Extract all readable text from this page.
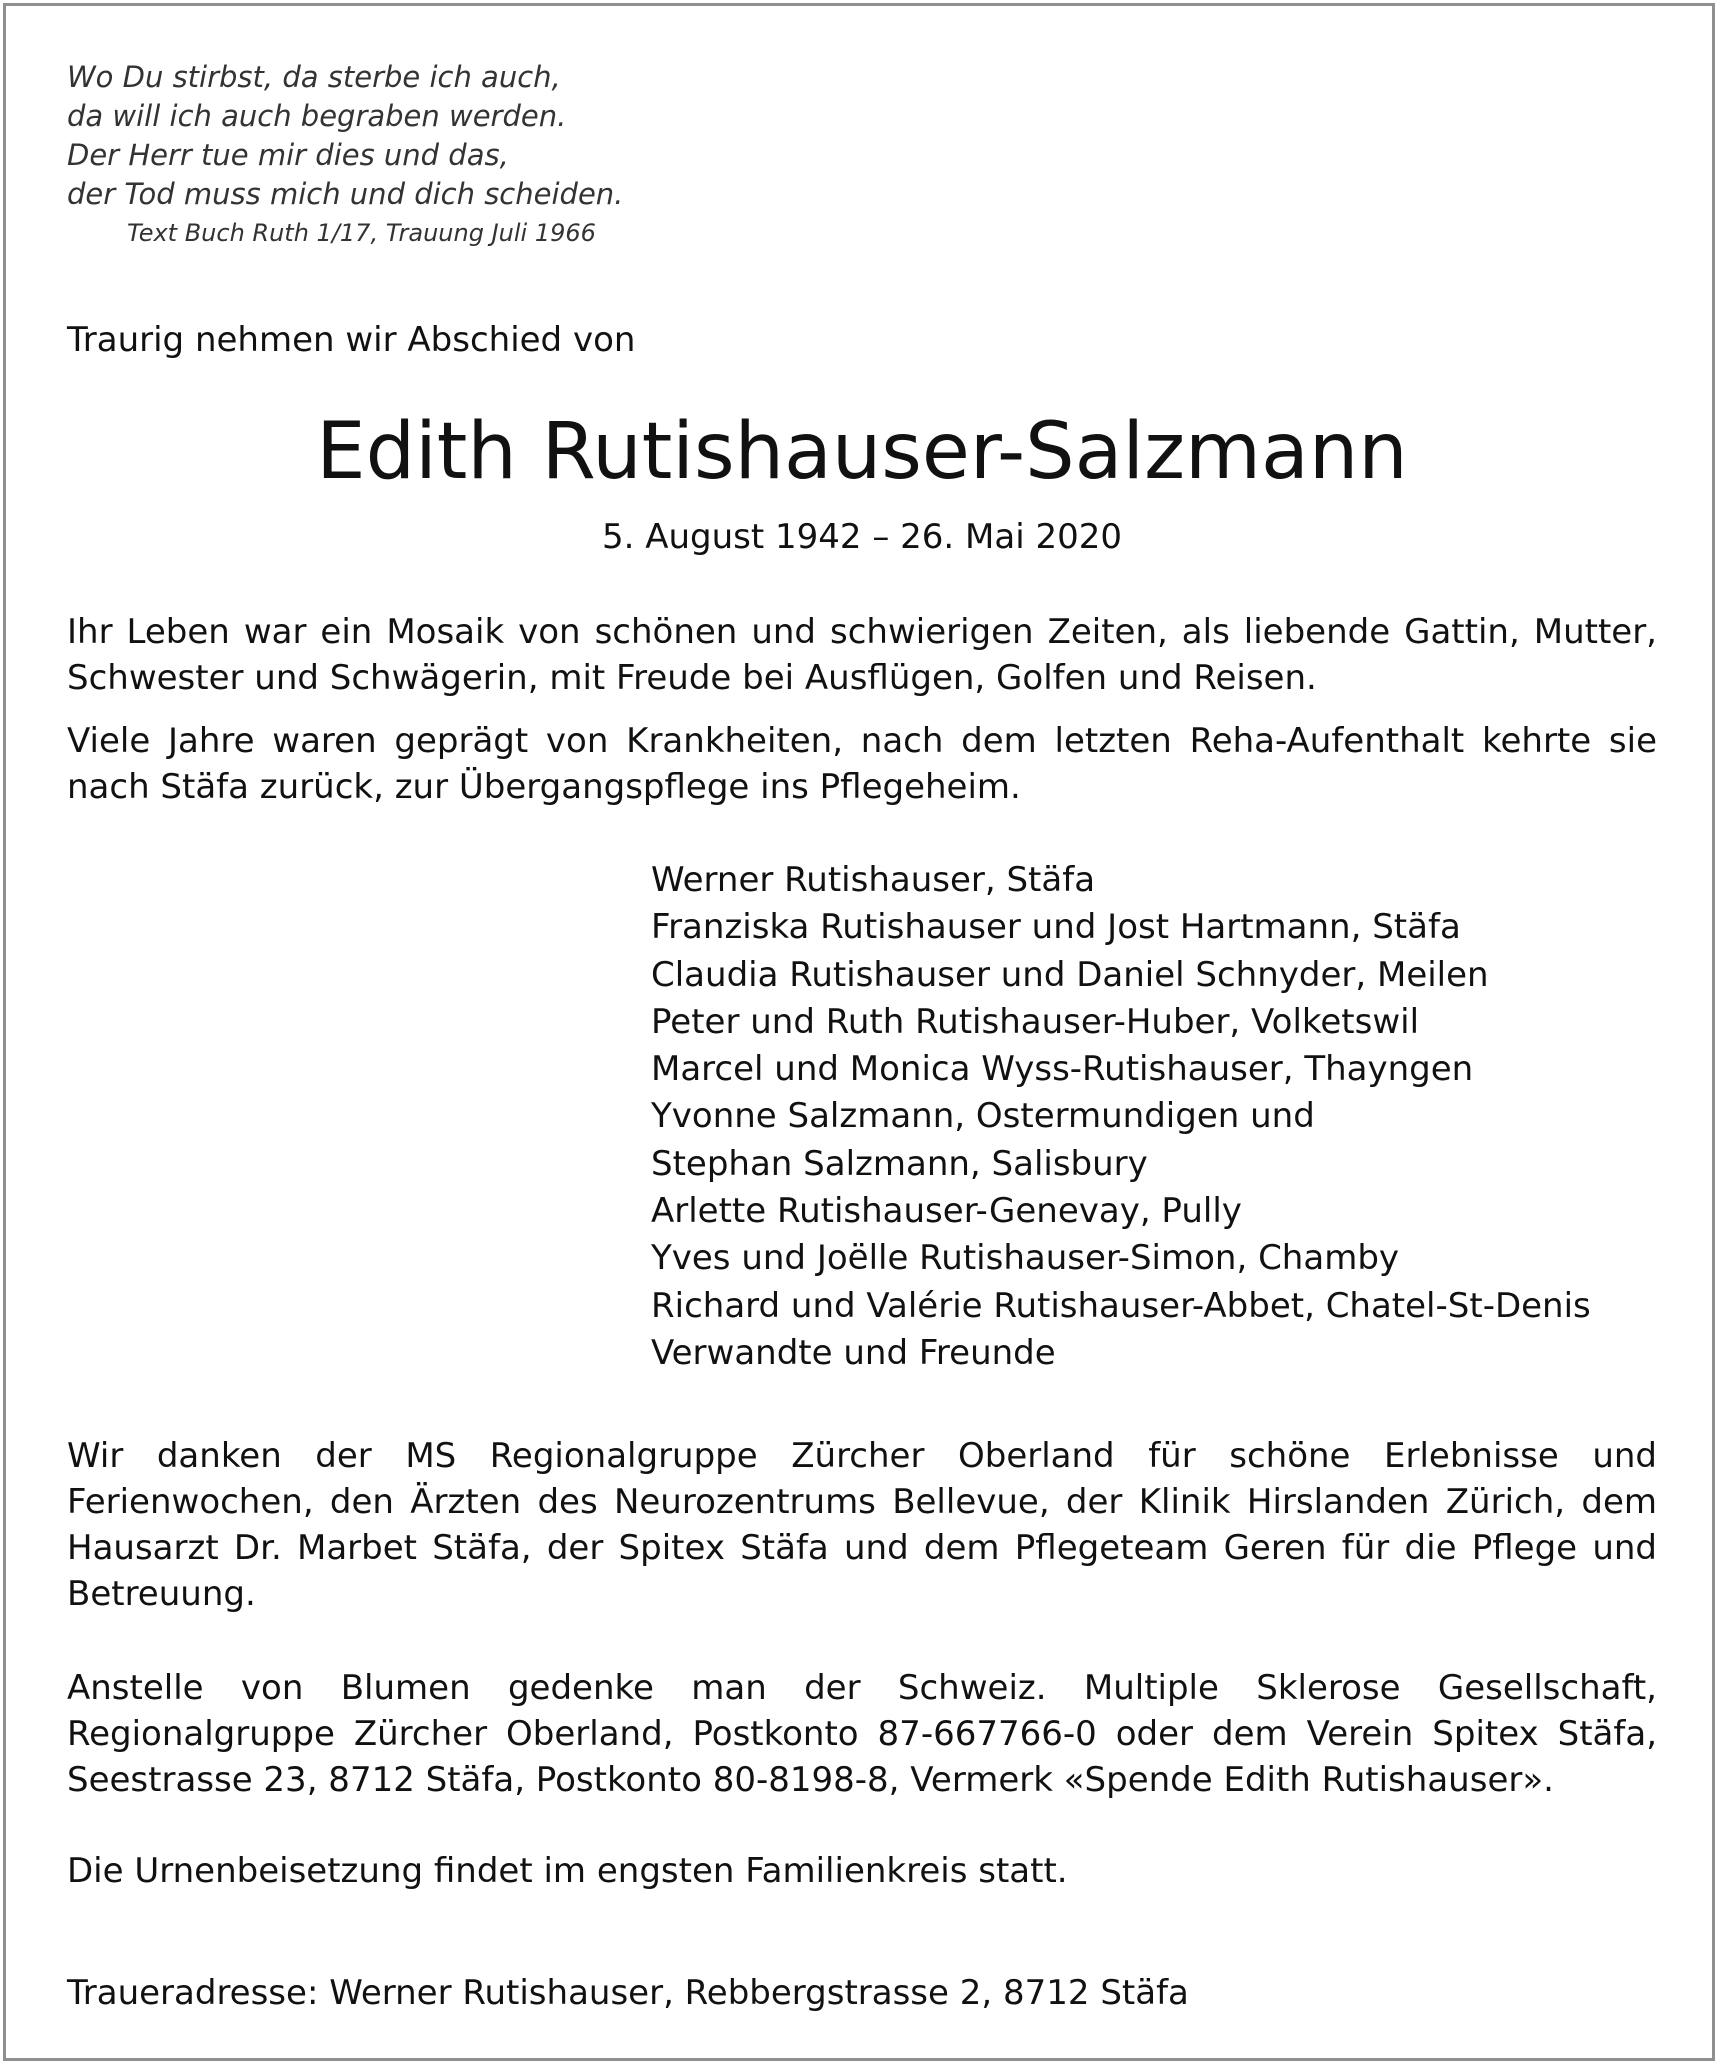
Wo Du stirbst, da sterbe ich auch,
da will ich auch begraben werden.
Der Herr tue mir dies und das,
der Tod muss mich und dich scheiden.
Text Buch Ruth 1/17, Trauung Juli 1966
Traurig nehmen wir Abschied von
Edith Rutishauser-Salzmann
5. August 1942 – 26. Mai 2020
Ihr Leben war ein Mosaik von schönen und schwierigen Zeiten, als liebende Gattin, Mutter, Schwester und Schwägerin, mit Freude bei Ausflügen, Golfen und Reisen.
Viele Jahre waren geprägt von Krankheiten, nach dem letzten Reha-Aufenthalt kehrte sie nach Stäfa zurück, zur Übergangspflege ins Pflegeheim.
Werner Rutishauser, Stäfa
Franziska Rutishauser und Jost Hartmann, Stäfa
Claudia Rutishauser und Daniel Schnyder, Meilen
Peter und Ruth Rutishauser-Huber, Volketswil
Marcel und Monica Wyss-Rutishauser, Thayngen
Yvonne Salzmann, Ostermundigen und
Stephan Salzmann, Salisbury
Arlette Rutishauser-Genevay, Pully
Yves und Joëlle Rutishauser-Simon, Chamby
Richard und Valérie Rutishauser-Abbet, Chatel-St-Denis
Verwandte und Freunde
Wir danken der MS Regionalgruppe Zürcher Oberland für schöne Erlebnisse und Ferienwochen, den Ärzten des Neurozentrums Bellevue, der Klinik Hirslanden Zürich, dem Hausarzt Dr. Marbet Stäfa, der Spitex Stäfa und dem Pflegeteam Geren für die Pflege und Betreuung.
Anstelle von Blumen gedenke man der Schweiz. Multiple Sklerose Gesellschaft, Regionalgruppe Zürcher Oberland, Postkonto 87-667766-0 oder dem Verein Spitex Stäfa, Seestrasse 23, 8712 Stäfa, Postkonto 80-8198-8, Vermerk «Spende Edith Rutishauser».
Die Urnenbeisetzung findet im engsten Familienkreis statt.
Traueradresse: Werner Rutishauser, Rebbergstrasse 2, 8712 Stäfa
